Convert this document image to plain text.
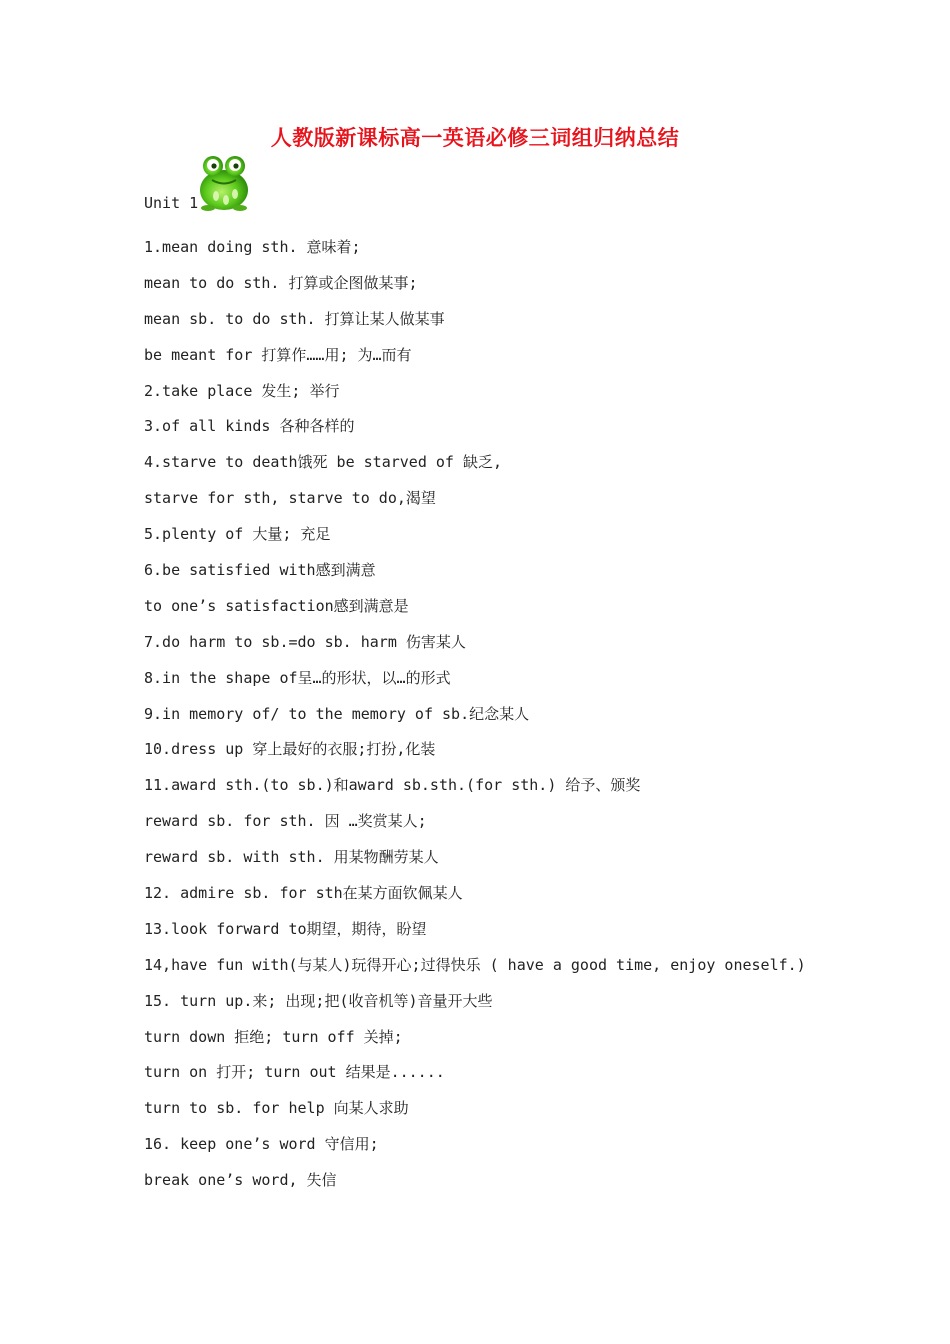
人教版新课标高一英语必修三词组归纳总结
Unit 1
1.mean doing sth. 意味着;
mean to do sth. 打算或企图做某事;
mean sb. to do sth. 打算让某人做某事
be meant for 打算作……用; 为…而有
2.take place 发生; 举行
3.of all kinds 各种各样的
4.starve to death饿死 be starved of 缺乏,
starve for sth, starve to do,渴望
5.plenty of 大量; 充足
6.be satisfied with感到满意
to one’s satisfaction感到满意是
7.do harm to sb.=do sb. harm 伤害某人
8.in the shape of呈…的形状，以…的形式
9.in memory of/ to the memory of sb.纪念某人
10.dress up 穿上最好的衣服;打扮,化装
11.award sth.(to sb.)和award sb.sth.(for sth.) 给予、颁奖
reward sb. for sth. 因 …奖赏某人;
reward sb. with sth. 用某物酬劳某人
12. admire sb. for sth在某方面钦佩某人
13.look forward to期望，期待，盼望
14,have fun with(与某人)玩得开心;过得快乐 ( have a good time, enjoy oneself.)
15. turn up.来; 出现;把(收音机等)音量开大些
turn down 拒绝; turn off 关掉;
turn on 打开; turn out 结果是......
turn to sb. for help 向某人求助
16. keep one’s word 守信用;
break one’s word, 失信
